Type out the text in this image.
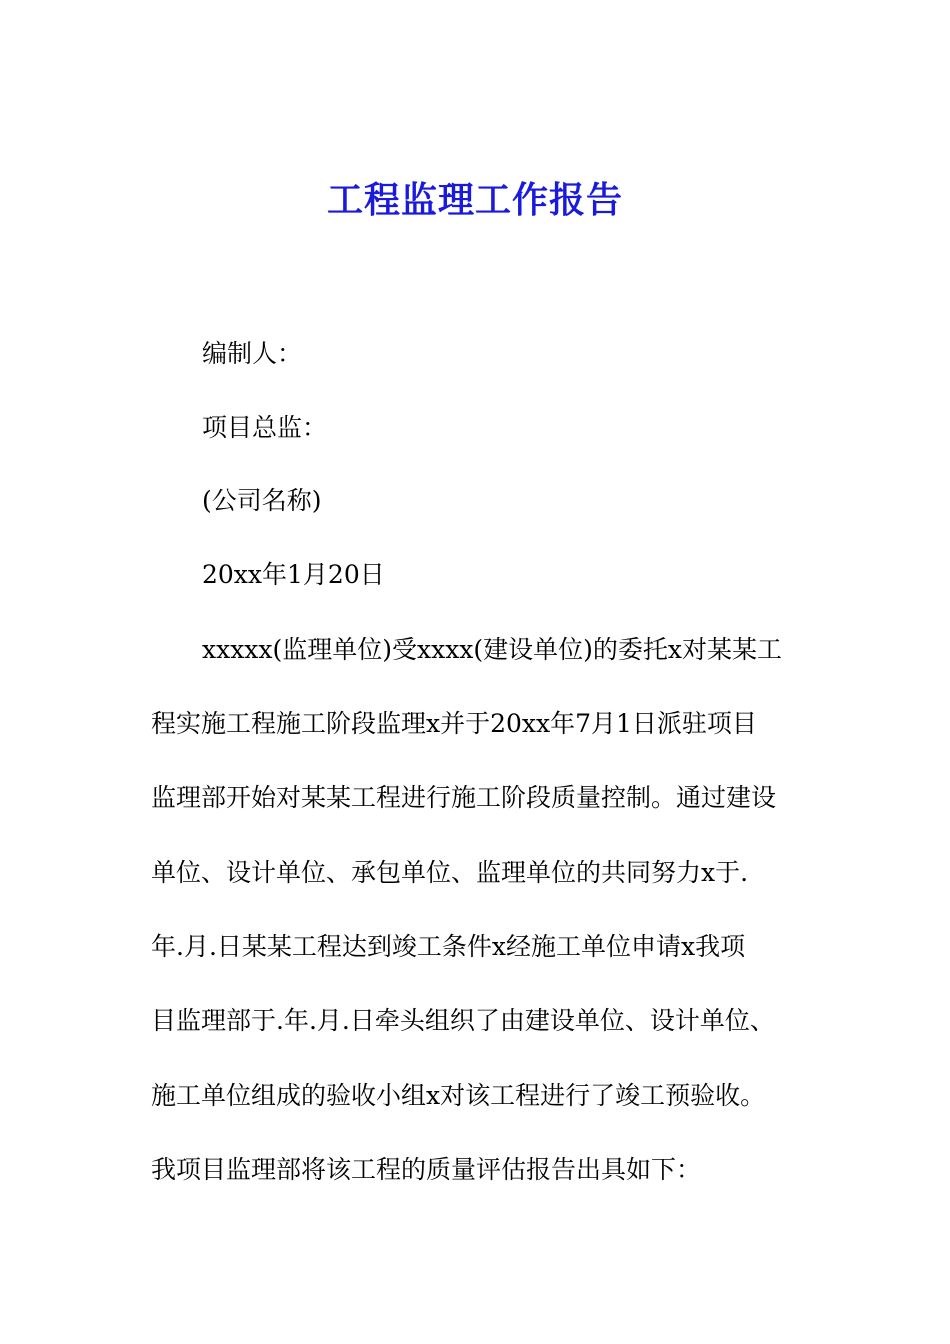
工程监理工作报告

编制人：

项目总监：

(公司名称)

20xx年1月20日

xxxxx(监理单位)受xxxx(建设单位)的委托x对某某工

程实施工程施工阶段监理x并于20xx年7月1日派驻项目

监理部开始对某某工程进行施工阶段质量控制。通过建设

单位、设计单位、承包单位、监理单位的共同努力x于.

年.月.日某某工程达到竣工条件x经施工单位申请x我项

目监理部于.年.月.日牵头组织了由建设单位、设计单位、

施工单位组成的验收小组x对该工程进行了竣工预验收。

我项目监理部将该工程的质量评估报告出具如下：
